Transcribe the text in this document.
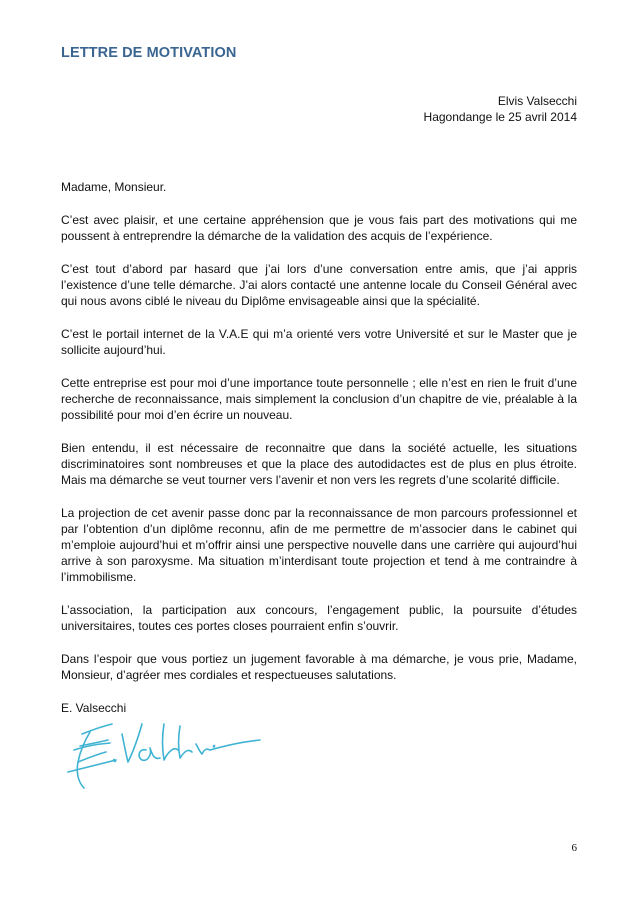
LETTRE DE MOTIVATION
Elvis Valsecchi
Hagondange le 25 avril 2014

Madame, Monsieur.

C’est avec plaisir, et une certaine appréhension que je vous fais part des motivations qui me poussent à entreprendre la démarche de la validation des acquis de l’expérience.

C’est tout d’abord par hasard que j’ai lors d’une conversation entre amis, que j’ai appris l’existence d’une telle démarche. J’ai alors contacté une antenne locale du Conseil Général avec qui nous avons ciblé le niveau du Diplôme envisageable ainsi que la spécialité.

C’est le portail internet de la V.A.E qui m’a orienté vers votre Université et sur le Master que je sollicite aujourd’hui.

Cette entreprise est pour moi d’une importance toute personnelle ; elle n’est en rien le fruit d’une recherche de reconnaissance, mais simplement la conclusion d’un chapitre de vie, préalable à la possibilité pour moi d’en écrire un nouveau.

Bien entendu, il est nécessaire de reconnaitre que dans la société actuelle, les situations discriminatoires sont nombreuses et que la place des autodidactes est de plus en plus étroite. Mais ma démarche se veut tourner vers l’avenir et non vers les regrets d’une scolarité difficile.

La projection de cet avenir passe donc par la reconnaissance de mon parcours professionnel et par l’obtention d’un diplôme reconnu, afin de me permettre de m’associer dans le cabinet qui m’emploie aujourd’hui et m’offrir ainsi une perspective nouvelle dans une carrière qui aujourd’hui arrive à son paroxysme. Ma situation m’interdisant toute projection et tend à me contraindre à l’immobilisme.

L’association, la participation aux concours, l’engagement public, la poursuite d’études universitaires, toutes ces portes closes pourraient enfin s’ouvrir.

Dans l’espoir que vous portiez un jugement favorable à ma démarche, je vous prie, Madame, Monsieur, d’agréer mes cordiales et respectueuses salutations.

E. Valsecchi

6
